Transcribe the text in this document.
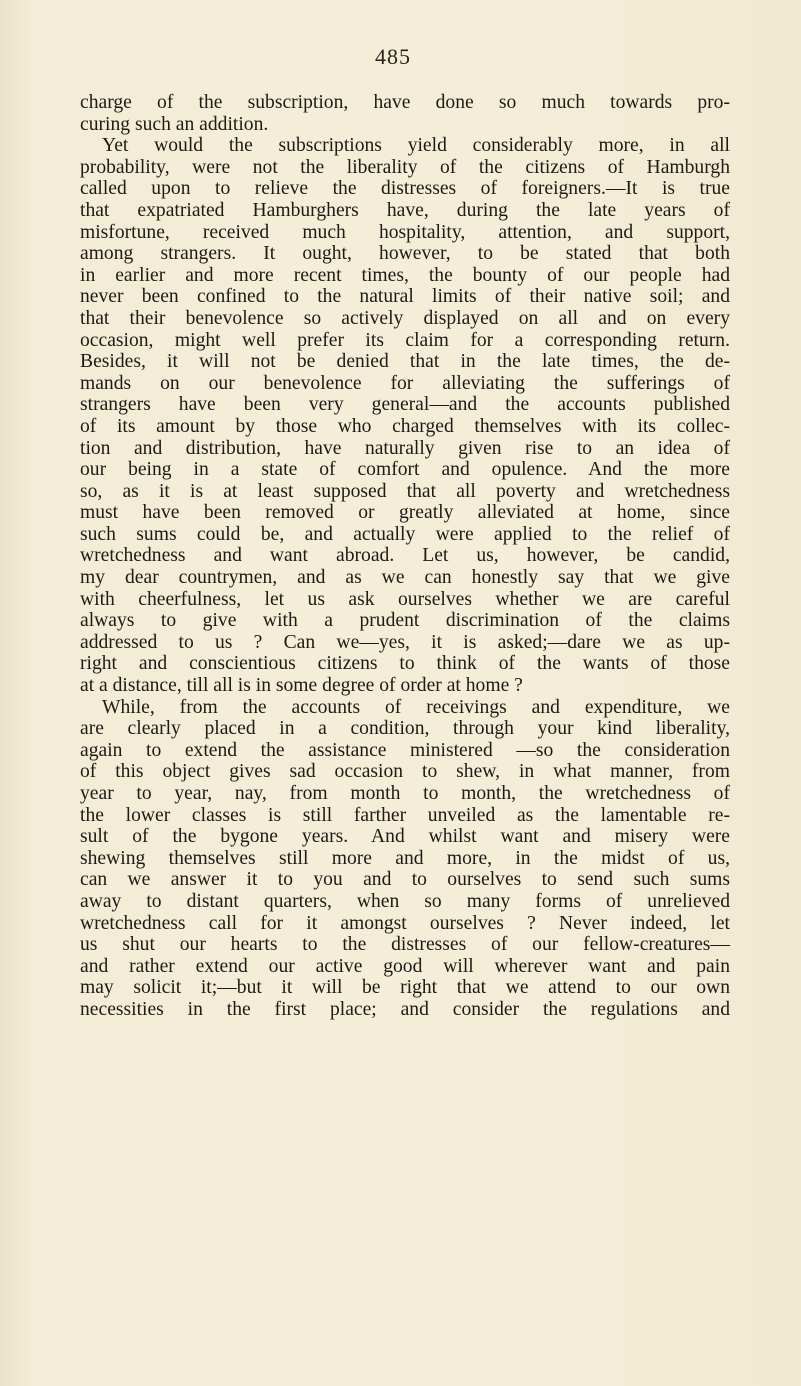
485
charge of the subscription, have done so much towards pro-
curing such an addition.
Yet would the subscriptions yield considerably more, in all
probability, were not the liberality of the citizens of Hamburgh
called upon to relieve the distresses of foreigners.—It is true
that expatriated Hamburghers have, during the late years of
misfortune, received much hospitality, attention, and support,
among strangers. It ought, however, to be stated that both
in earlier and more recent times, the bounty of our people had
never been confined to the natural limits of their native soil; and
that their benevolence so actively displayed on all and on every
occasion, might well prefer its claim for a corresponding return.
Besides, it will not be denied that in the late times, the de-
mands on our benevolence for alleviating the sufferings of
strangers have been very general—and the accounts published
of its amount by those who charged themselves with its collec-
tion and distribution, have naturally given rise to an idea of
our being in a state of comfort and opulence. And the more
so, as it is at least supposed that all poverty and wretchedness
must have been removed or greatly alleviated at home, since
such sums could be, and actually were applied to the relief of
wretchedness and want abroad. Let us, however, be candid,
my dear countrymen, and as we can honestly say that we give
with cheerfulness, let us ask ourselves whether we are careful
always to give with a prudent discrimination of the claims
addressed to us ? Can we—yes, it is asked;—dare we as up-
right and conscientious citizens to think of the wants of those
at a distance, till all is in some degree of order at home ?
While, from the accounts of receivings and expenditure, we
are clearly placed in a condition, through your kind liberality,
again to extend the assistance ministered —so the consideration
of this object gives sad occasion to shew, in what manner, from
year to year, nay, from month to month, the wretchedness of
the lower classes is still farther unveiled as the lamentable re-
sult of the bygone years. And whilst want and misery were
shewing themselves still more and more, in the midst of us,
can we answer it to you and to ourselves to send such sums
away to distant quarters, when so many forms of unrelieved
wretchedness call for it amongst ourselves ? Never indeed, let
us shut our hearts to the distresses of our fellow-creatures—
and rather extend our active good will wherever want and pain
may solicit it;—but it will be right that we attend to our own
necessities in the first place; and consider the regulations and
